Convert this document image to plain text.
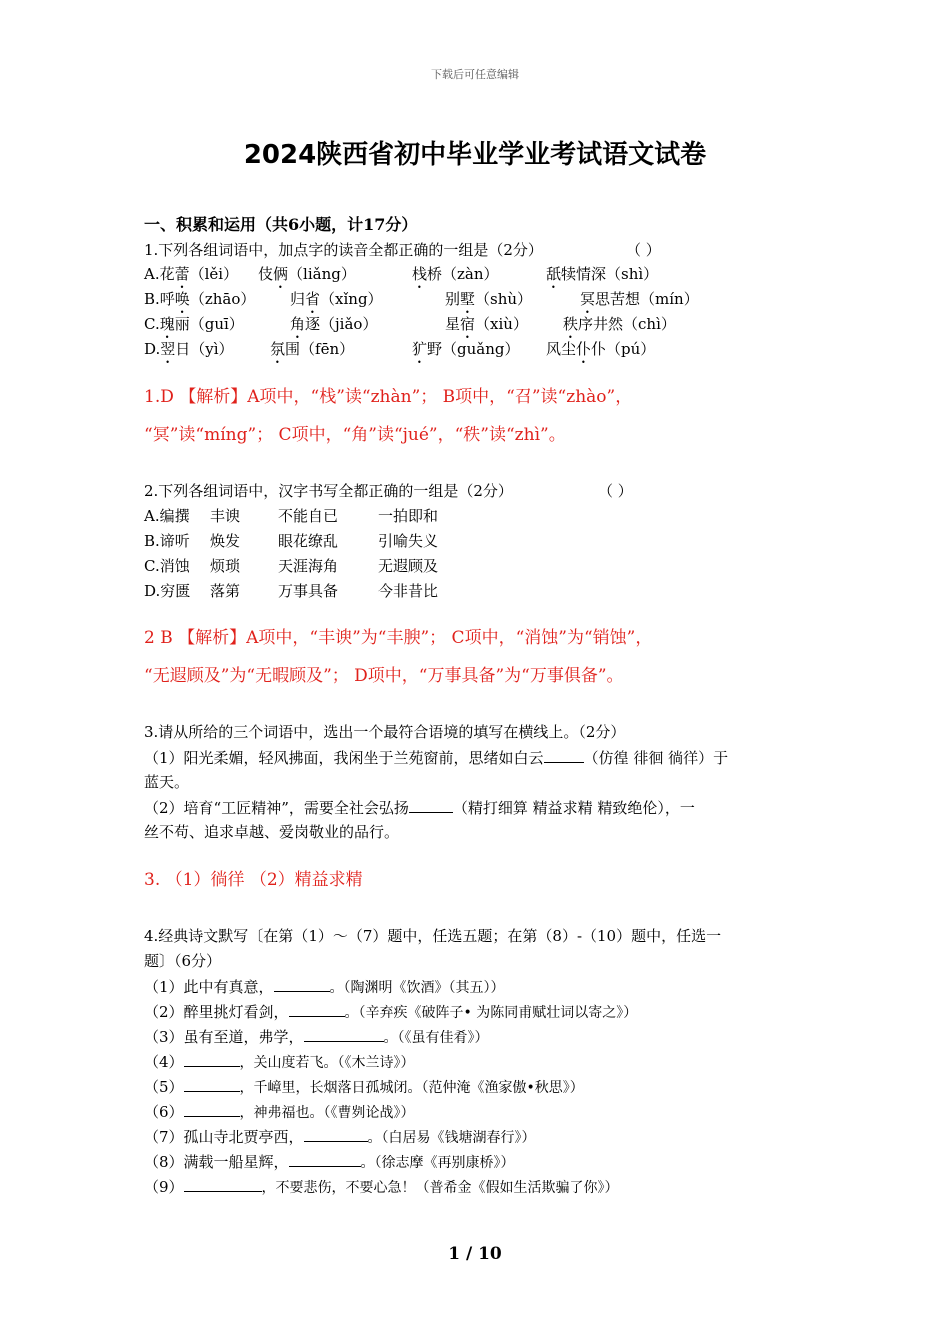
下载后可任意编辑
2024陕西省初中毕业学业考试语文试卷
一、积累和运用（共6小题，计17分）
1.下列各组词语中，加点字的读音全都正确的一组是（2分）	（ ）
A.花蕾（lěi） 伎俩（liǎng）	栈桥（zàn）	舐犊情深（shì）
B.呼唤（zhāo） 归省（xǐng）	别墅（shù）	冥思苦想（mín）
C.瑰丽（guī）	角逐（jiǎo）	星宿（xiù） 秩序井然（chì）
D.翌日（yì） 氛围（fēn）	犷野（guǎng） 风尘仆仆（pú）
1.D 【解析】A项中，“栈”读“zhàn”； B项中，“召”读“zhào”，
“冥”读“míng”； C项中，“角”读“jué”，“秩”读“zhì”。
2.下列各组词语中，汉字书写全都正确的一组是（2分）	（ ）
A.编撰 丰谀	不能自已	一拍即和
B.谛听 焕发	眼花缭乱	引喻失义
C.消蚀 烦琐	天涯海角	无遐顾及
D.穷匮 落第	万事具备	今非昔比
2 B 【解析】A项中，“丰谀”为“丰腴”； C项中，“消蚀”为“销蚀”，
“无遐顾及”为“无暇顾及”； D项中，“万事具备”为“万事俱备”。
3.请从所给的三个词语中，选出一个最符合语境的填写在横线上。（2分）
（1）阳光柔媚，轻风拂面，我闲坐于兰苑窗前，思绪如白云	（仿徨 徘徊 徜徉）于
蓝天。
（2）培育“工匠精神”，需要全社会弘扬	（精打细算 精益求精 精致绝伦），一
丝不苟、追求卓越、爱岗敬业的品行。
3. （1）徜徉 （2）精益求精
4.经典诗文默写〔在第（1）～（7）题中，任选五题；在第（8）-（10）题中，任选一
题〕（6分）
（1）此中有真意，	。（陶渊明《饮酒》（其五））
（2）醉里挑灯看剑，	。（辛弃疾《破阵子• 为陈同甫赋壮词以寄之》）
（3）虽有至道，弗学，	。（《虽有佳肴》）
（4）	，关山度若飞。（《木兰诗》）
（5）	，千嶂里，长烟落日孤城闭。（范仲淹《渔家傲•秋思》）
（6）	，神弗福也。（《曹刿论战》）
（7）孤山寺北贾亭西，	。（白居易《钱塘湖春行》）
（8）满载一船星辉，	。（徐志摩《再别康桥》）
（9）	，不要悲伤，不要心急！（普希金《假如生活欺骗了你》）
1 / 10
